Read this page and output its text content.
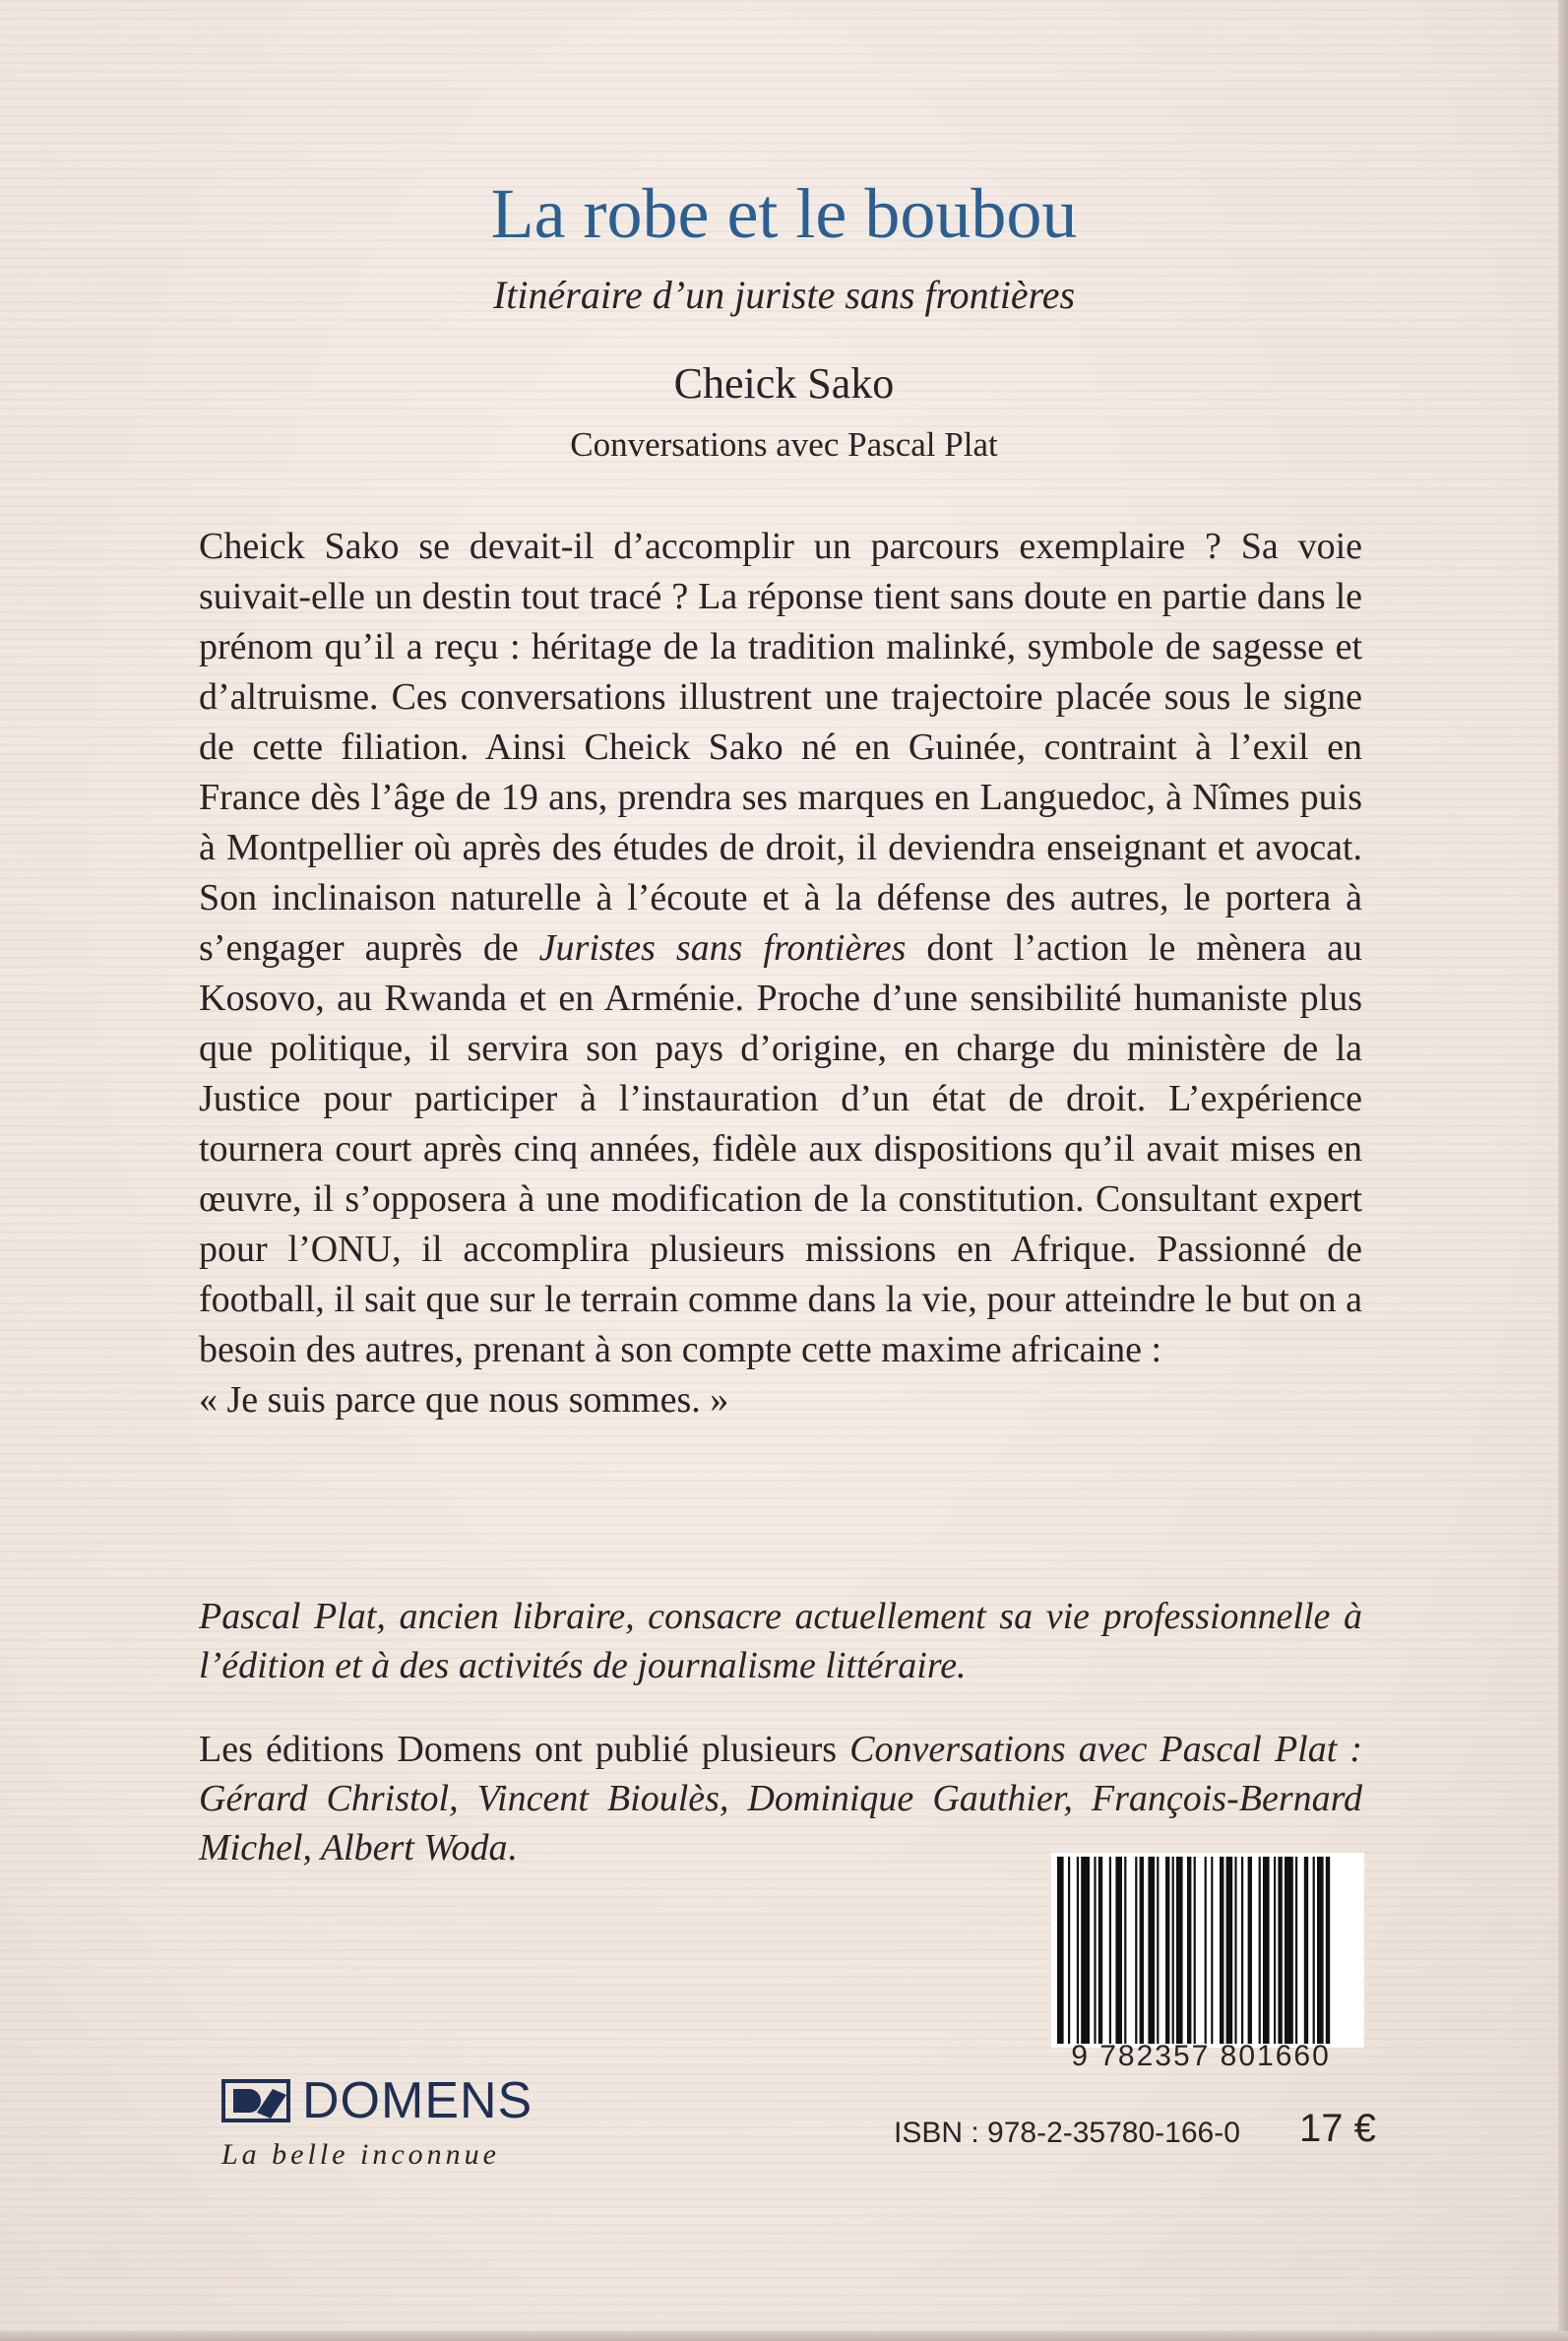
La robe et le boubou
Itinéraire d’un juriste sans frontières
Cheick Sako
Conversations avec Pascal Plat

Cheick Sako se devait-il d’accomplir un parcours exemplaire ? Sa voie suivait-elle un destin tout tracé ? La réponse tient sans doute en partie dans le prénom qu’il a reçu : héritage de la tradition malinké, symbole de sagesse et d’altruisme. Ces conversations illustrent une trajectoire placée sous le signe de cette filiation. Ainsi Cheick Sako né en Guinée, contraint à l’exil en France dès l’âge de 19 ans, prendra ses marques en Languedoc, à Nîmes puis à Montpellier où après des études de droit, il deviendra enseignant et avocat. Son inclinaison naturelle à l’écoute et à la défense des autres, le portera à s’engager auprès de Juristes sans frontières dont l’action le mènera au Kosovo, au Rwanda et en Arménie. Proche d’une sensibilité humaniste plus que politique, il servira son pays d’origine, en charge du ministère de la Justice pour participer à l’instauration d’un état de droit. L’expérience tournera court après cinq années, fidèle aux dispositions qu’il avait mises en œuvre, il s’opposera à une modification de la constitution. Consultant expert pour l’ONU, il accomplira plusieurs missions en Afrique. Passionné de football, il sait que sur le terrain comme dans la vie, pour atteindre le but on a besoin des autres, prenant à son compte cette maxime africaine :

« Je suis parce que nous sommes. »
Pascal Plat, ancien libraire, consacre actuellement sa vie professionnelle à l’édition et à des activités de journalisme littéraire.
Les éditions Domens ont publié plusieurs Conversations avec Pascal Plat : Gérard Christol, Vincent Bioulès, Dominique Gauthier, François-Bernard Michel, Albert Woda.
9 782357 801660
DOMENS
La belle inconnue
ISBN : 978-2-35780-166-0 17 €
